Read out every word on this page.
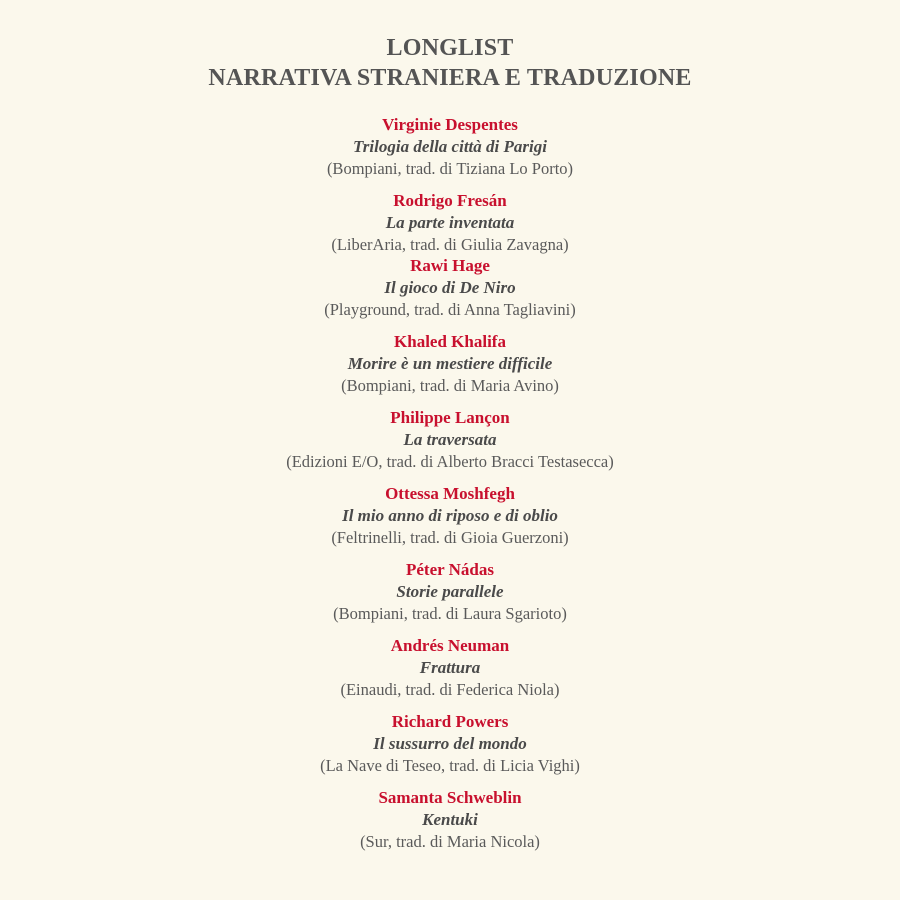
LONGLIST
NARRATIVA STRANIERA E TRADUZIONE
Virginie Despentes
Trilogia della città di Parigi
(Bompiani, trad. di Tiziana Lo Porto)
Rodrigo Fresán
La parte inventata
(LiberAria, trad. di Giulia Zavagna)
Rawi Hage
Il gioco di De Niro
(Playground, trad. di Anna Tagliavini)
Khaled Khalifa
Morire è un mestiere difficile
(Bompiani, trad. di Maria Avino)
Philippe Lançon
La traversata
(Edizioni E/O, trad. di Alberto Bracci Testasecca)
Ottessa Moshfegh
Il mio anno di riposo e di oblio
(Feltrinelli, trad. di Gioia Guerzoni)
Péter Nádas
Storie parallele
(Bompiani, trad. di Laura Sgarioto)
Andrés Neuman
Frattura
(Einaudi, trad. di Federica Niola)
Richard Powers
Il sussurro del mondo
(La Nave di Teseo, trad. di Licia Vighi)
Samanta Schweblin
Kentuki
(Sur, trad. di Maria Nicola)
